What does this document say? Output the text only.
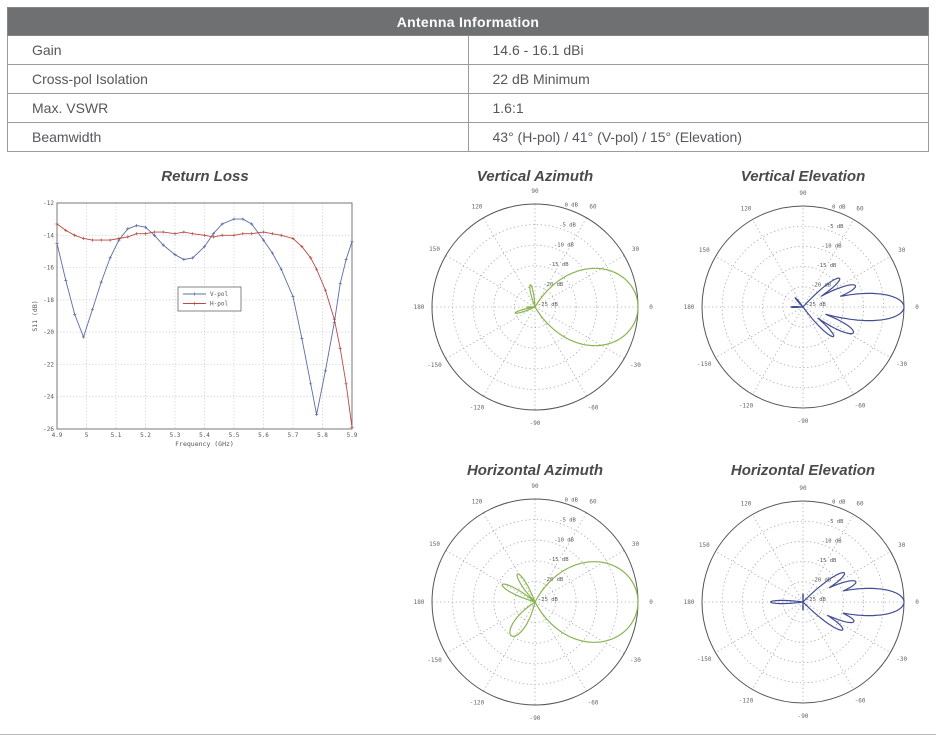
Antenna Information	
Gain	14.6 - 16.1 dBi
Cross-pol Isolation	22 dB Minimum
Max. VSWR	1.6:1
Beamwidth	43° (H-pol) / 41° (V-pol) / 15° (Elevation)
Return Loss	Vertical Azimuth	Vertical Elevation
Horizontal Azimuth	Horizontal Elevation
4.9	5	5.1	5.2	5.3	5.4	5.5	5.6	5.7	5.8	5.9
-12
-14
-16
-18
-20
-22
-24
-26
Frequency (GHz)
S11 (dB)
V-pol
H-pol
90
60
30
0
-30
-60
-90
-120
-150
180
150
120	0 dB
-5 dB
-10 dB
-15 dB
-20 dB
-25 dB
90
60
30
0
-30
-60
-90
-120
-150
180
150
120	0 dB
-5 dB
-10 dB
-15 dB
-20 dB
-25 dB
90
60
30
0
-30
-60
-90
-120
-150
180
150
120	0 dB
-5 dB
-10 dB
-15 dB
-20 dB
-25 dB
90
60
30
0
-30
-60
-90
-120
-150
180
150
120	0 dB
-5 dB
-10 dB
-15 dB
-20 dB
-25 dB
